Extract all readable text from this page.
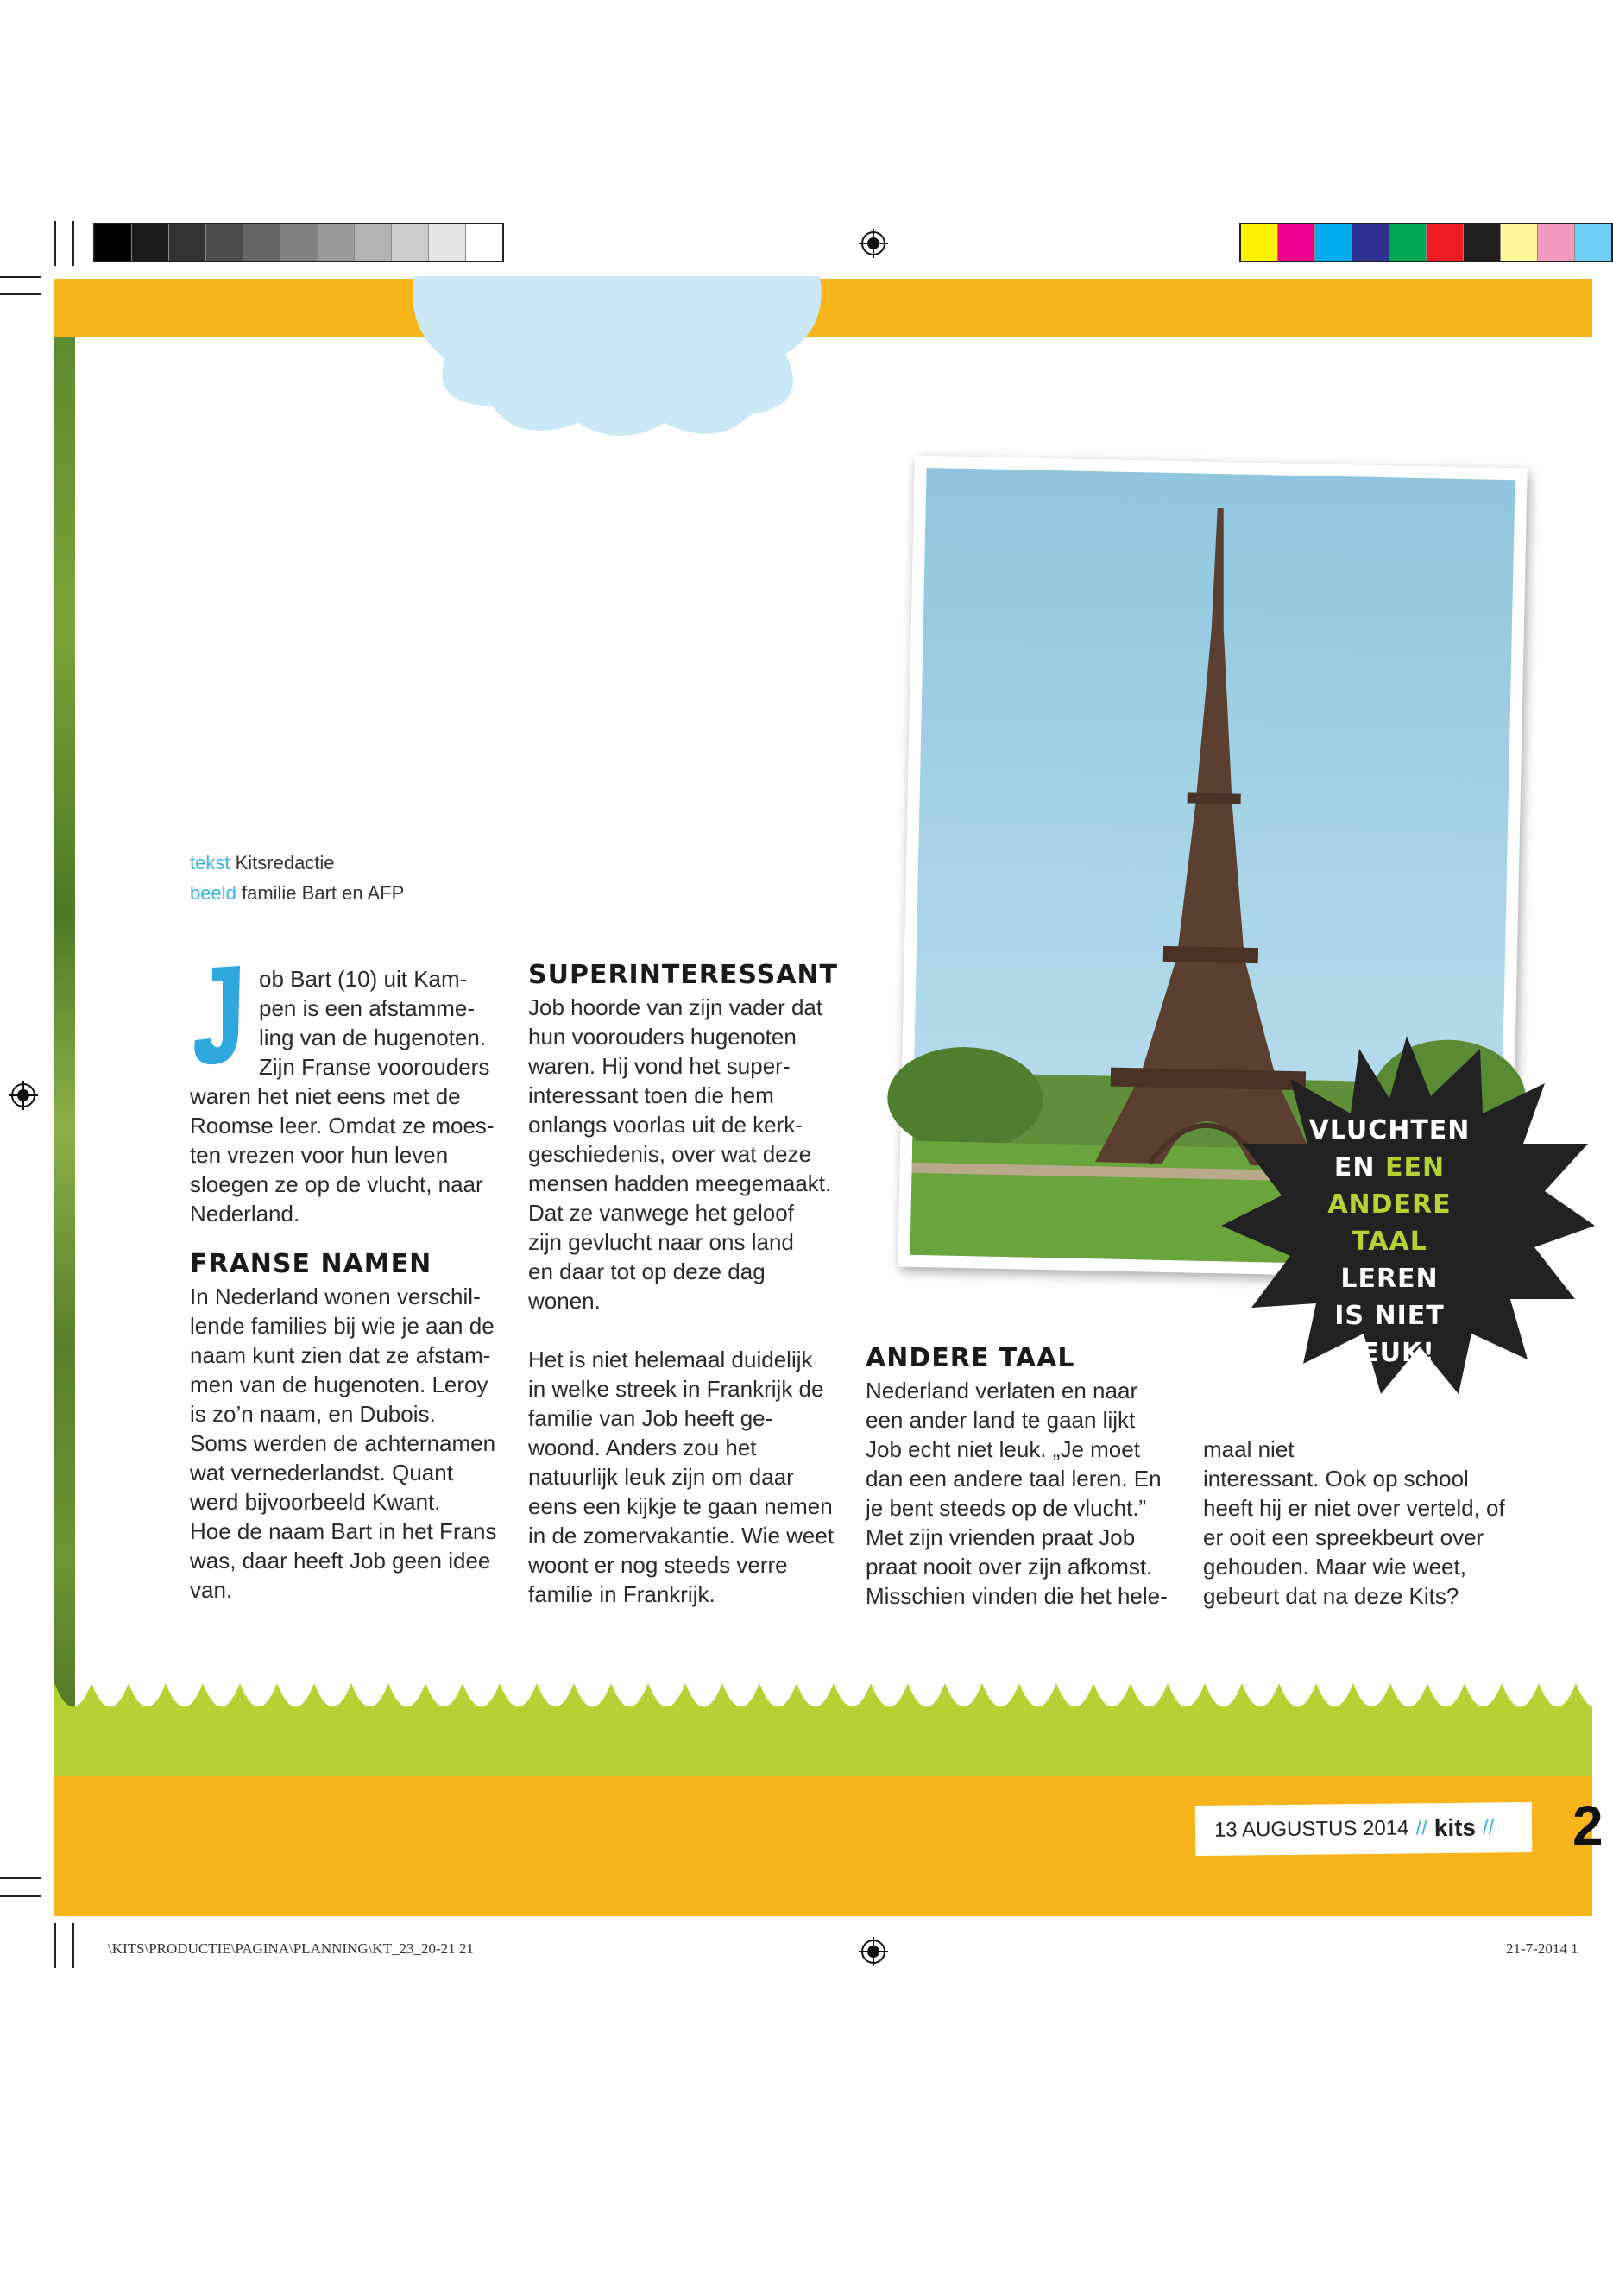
VLUCHTEN
EN EEN
ANDERE
TAAL LEREN
IS NIET
LEUK!
tekst Kitsredactie
beeld familie Bart en AFP
J

ob Bart (10) uit Kam-
pen is een afstamme-
ling van de hugenoten.
Zijn Franse voorouders

waren het niet eens met de
Roomse leer. Omdat ze moes-
ten vrezen voor hun leven
sloegen ze op de vlucht, naar
Nederland.

FRANSE NAMEN

In Nederland wonen verschil-
lende families bij wie je aan de
naam kunt zien dat ze afstam-
men van de hugenoten. Leroy
is zo’n naam, en Dubois.
Soms werden de achternamen
wat vernederlandst. Quant
werd bijvoorbeeld Kwant.
Hoe de naam Bart in het Frans
was, daar heeft Job geen idee
van.

SUPERINTERESSANT

Job hoorde van zijn vader dat
hun voorouders hugenoten
waren. Hij vond het super-
interessant toen die hem
onlangs voorlas uit de kerk-
geschiedenis, over wat deze
mensen hadden meegemaakt.
Dat ze vanwege het geloof
zijn gevlucht naar ons land
en daar tot op deze dag
wonen.

Het is niet helemaal duidelijk
in welke streek in Frankrijk de
familie van Job heeft ge-
woond. Anders zou het
natuurlijk leuk zijn om daar
eens een kijkje te gaan nemen
in de zomervakantie. Wie weet
woont er nog steeds verre
familie in Frankrijk.

ANDERE TAAL

Nederland verlaten en naar
een ander land te gaan lijkt
Job echt niet leuk. „Je moet
dan een andere taal leren. En
je bent steeds op de vlucht.”
Met zijn vrienden praat Job
praat nooit over zijn afkomst.
Misschien vinden die het hele-

maal niet
interessant. Ook op school
heeft hij er niet over verteld, of
er ooit een spreekbeurt over
gehouden. Maar wie weet,
gebeurt dat na deze Kits?

13 AUGUSTUS 2014 // kits // 2
\KITS\PRODUCTIE\PAGINA\PLANNING\KT_23_20-21 21	21-7-2014 1
